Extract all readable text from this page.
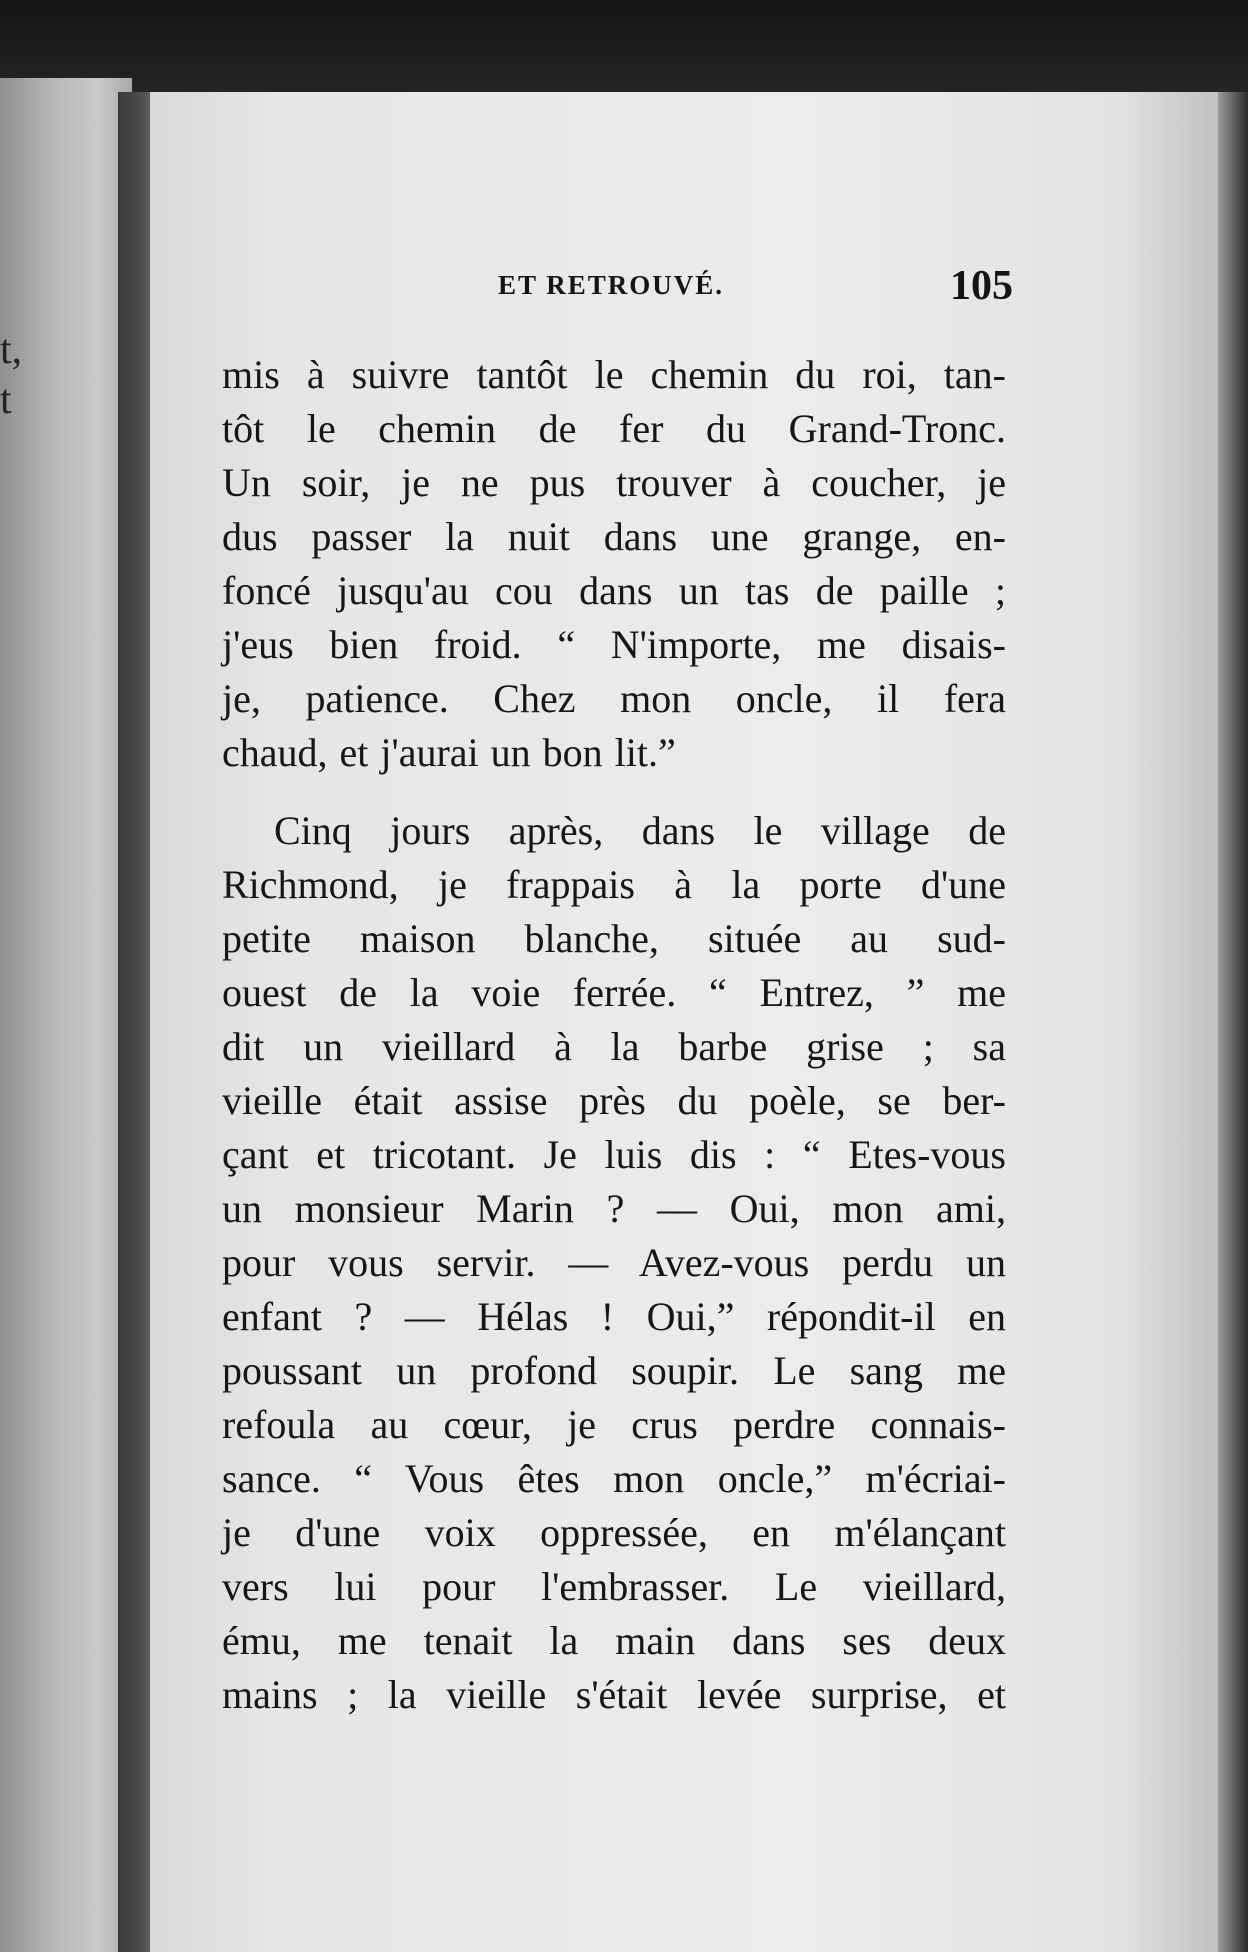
t,
t
ET RETROUVÉ.	105
mis à suivre tantôt le chemin du roi, tan-
tôt le chemin de fer du Grand-Tronc.
Un soir, je ne pus trouver à coucher, je
dus passer la nuit dans une grange, en-
foncé jusqu'au cou dans un tas de paille ;
j'eus bien froid. “ N'importe, me disais-
je, patience. Chez mon oncle, il fera
chaud, et j'aurai un bon lit.”
Cinq jours après, dans le village de
Richmond, je frappais à la porte d'une
petite maison blanche, située au sud-
ouest de la voie ferrée. “ Entrez, ” me
dit un vieillard à la barbe grise ; sa
vieille était assise près du poèle, se ber-
çant et tricotant. Je luis dis : “ Etes-vous
un monsieur Marin ? — Oui, mon ami,
pour vous servir. — Avez-vous perdu un
enfant ? — Hélas ! Oui,” répondit-il en
poussant un profond soupir. Le sang me
refoula au cœur, je crus perdre connais-
sance. “ Vous êtes mon oncle,” m'écriai-
je d'une voix oppressée, en m'élançant
vers lui pour l'embrasser. Le vieillard,
ému, me tenait la main dans ses deux
mains ; la vieille s'était levée surprise, et
